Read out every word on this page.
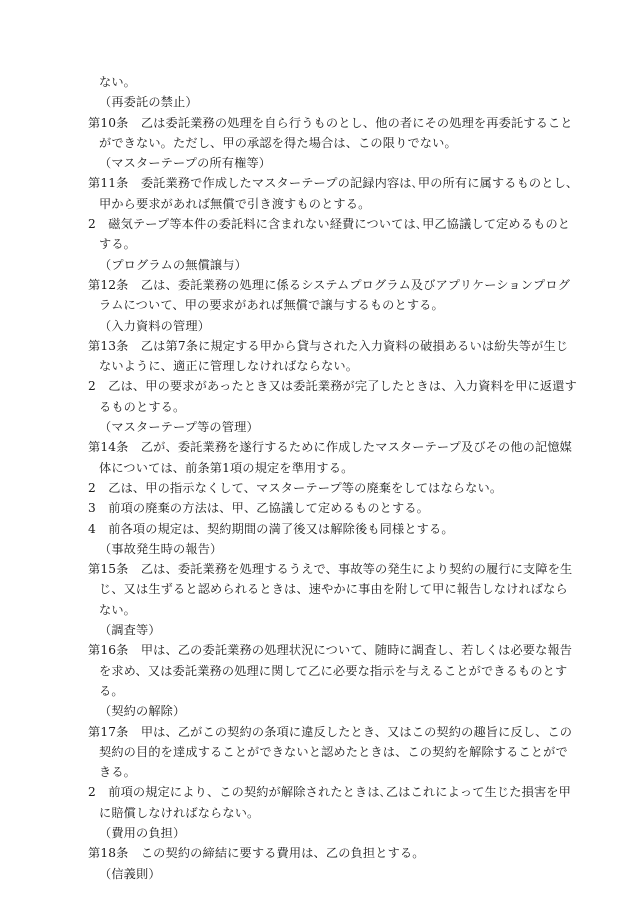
ない。
（再委託の禁止）
第10条　乙は委託業務の処理を自ら行うものとし、他の者にその処理を再委託すること
ができない。ただし、甲の承認を得た場合は、この限りでない。
（マスターテープの所有権等）
第11条　委託業務で作成したマスターテープの記録内容は､甲の所有に属するものとし、
甲から要求があれば無償で引き渡すものとする。
2　磁気テープ等本件の委託料に含まれない経費については､甲乙協議して定めるものと
する。
（プログラムの無償譲与）
第12条　乙は、委託業務の処理に係るシステムプログラム及びアプリケーションプログ
ラムについて、甲の要求があれば無償で譲与するものとする。
（入力資料の管理）
第13条　乙は第7条に規定する甲から貸与された入力資料の破損あるいは紛失等が生じ
ないように、適正に管理しなければならない。
2　乙は、甲の要求があったとき又は委託業務が完了したときは、入力資料を甲に返還す
るものとする。
（マスターテープ等の管理）
第14条　乙が、委託業務を遂行するために作成したマスターテープ及びその他の記憶媒
体については、前条第1項の規定を準用する。
2　乙は、甲の指示なくして、マスターテープ等の廃棄をしてはならない。
3　前項の廃棄の方法は、甲、乙協議して定めるものとする。
4　前各項の規定は、契約期間の満了後又は解除後も同様とする。
（事故発生時の報告）
第15条　乙は、委託業務を処理するうえで、事故等の発生により契約の履行に支障を生
じ、又は生ずると認められるときは、速やかに事由を附して甲に報告しなければなら
ない。
（調査等）
第16条　甲は、乙の委託業務の処理状況について、随時に調査し、若しくは必要な報告
を求め、又は委託業務の処理に関して乙に必要な指示を与えることができるものとす
る。
（契約の解除）
第17条　甲は、乙がこの契約の条項に違反したとき、又はこの契約の趣旨に反し、この
契約の目的を達成することができないと認めたときは、この契約を解除することがで
きる。
2　前項の規定により、この契約が解除されたときは､乙はこれによって生じた損害を甲
に賠償しなければならない。
（費用の負担）
第18条　この契約の締結に要する費用は、乙の負担とする。
（信義則）
